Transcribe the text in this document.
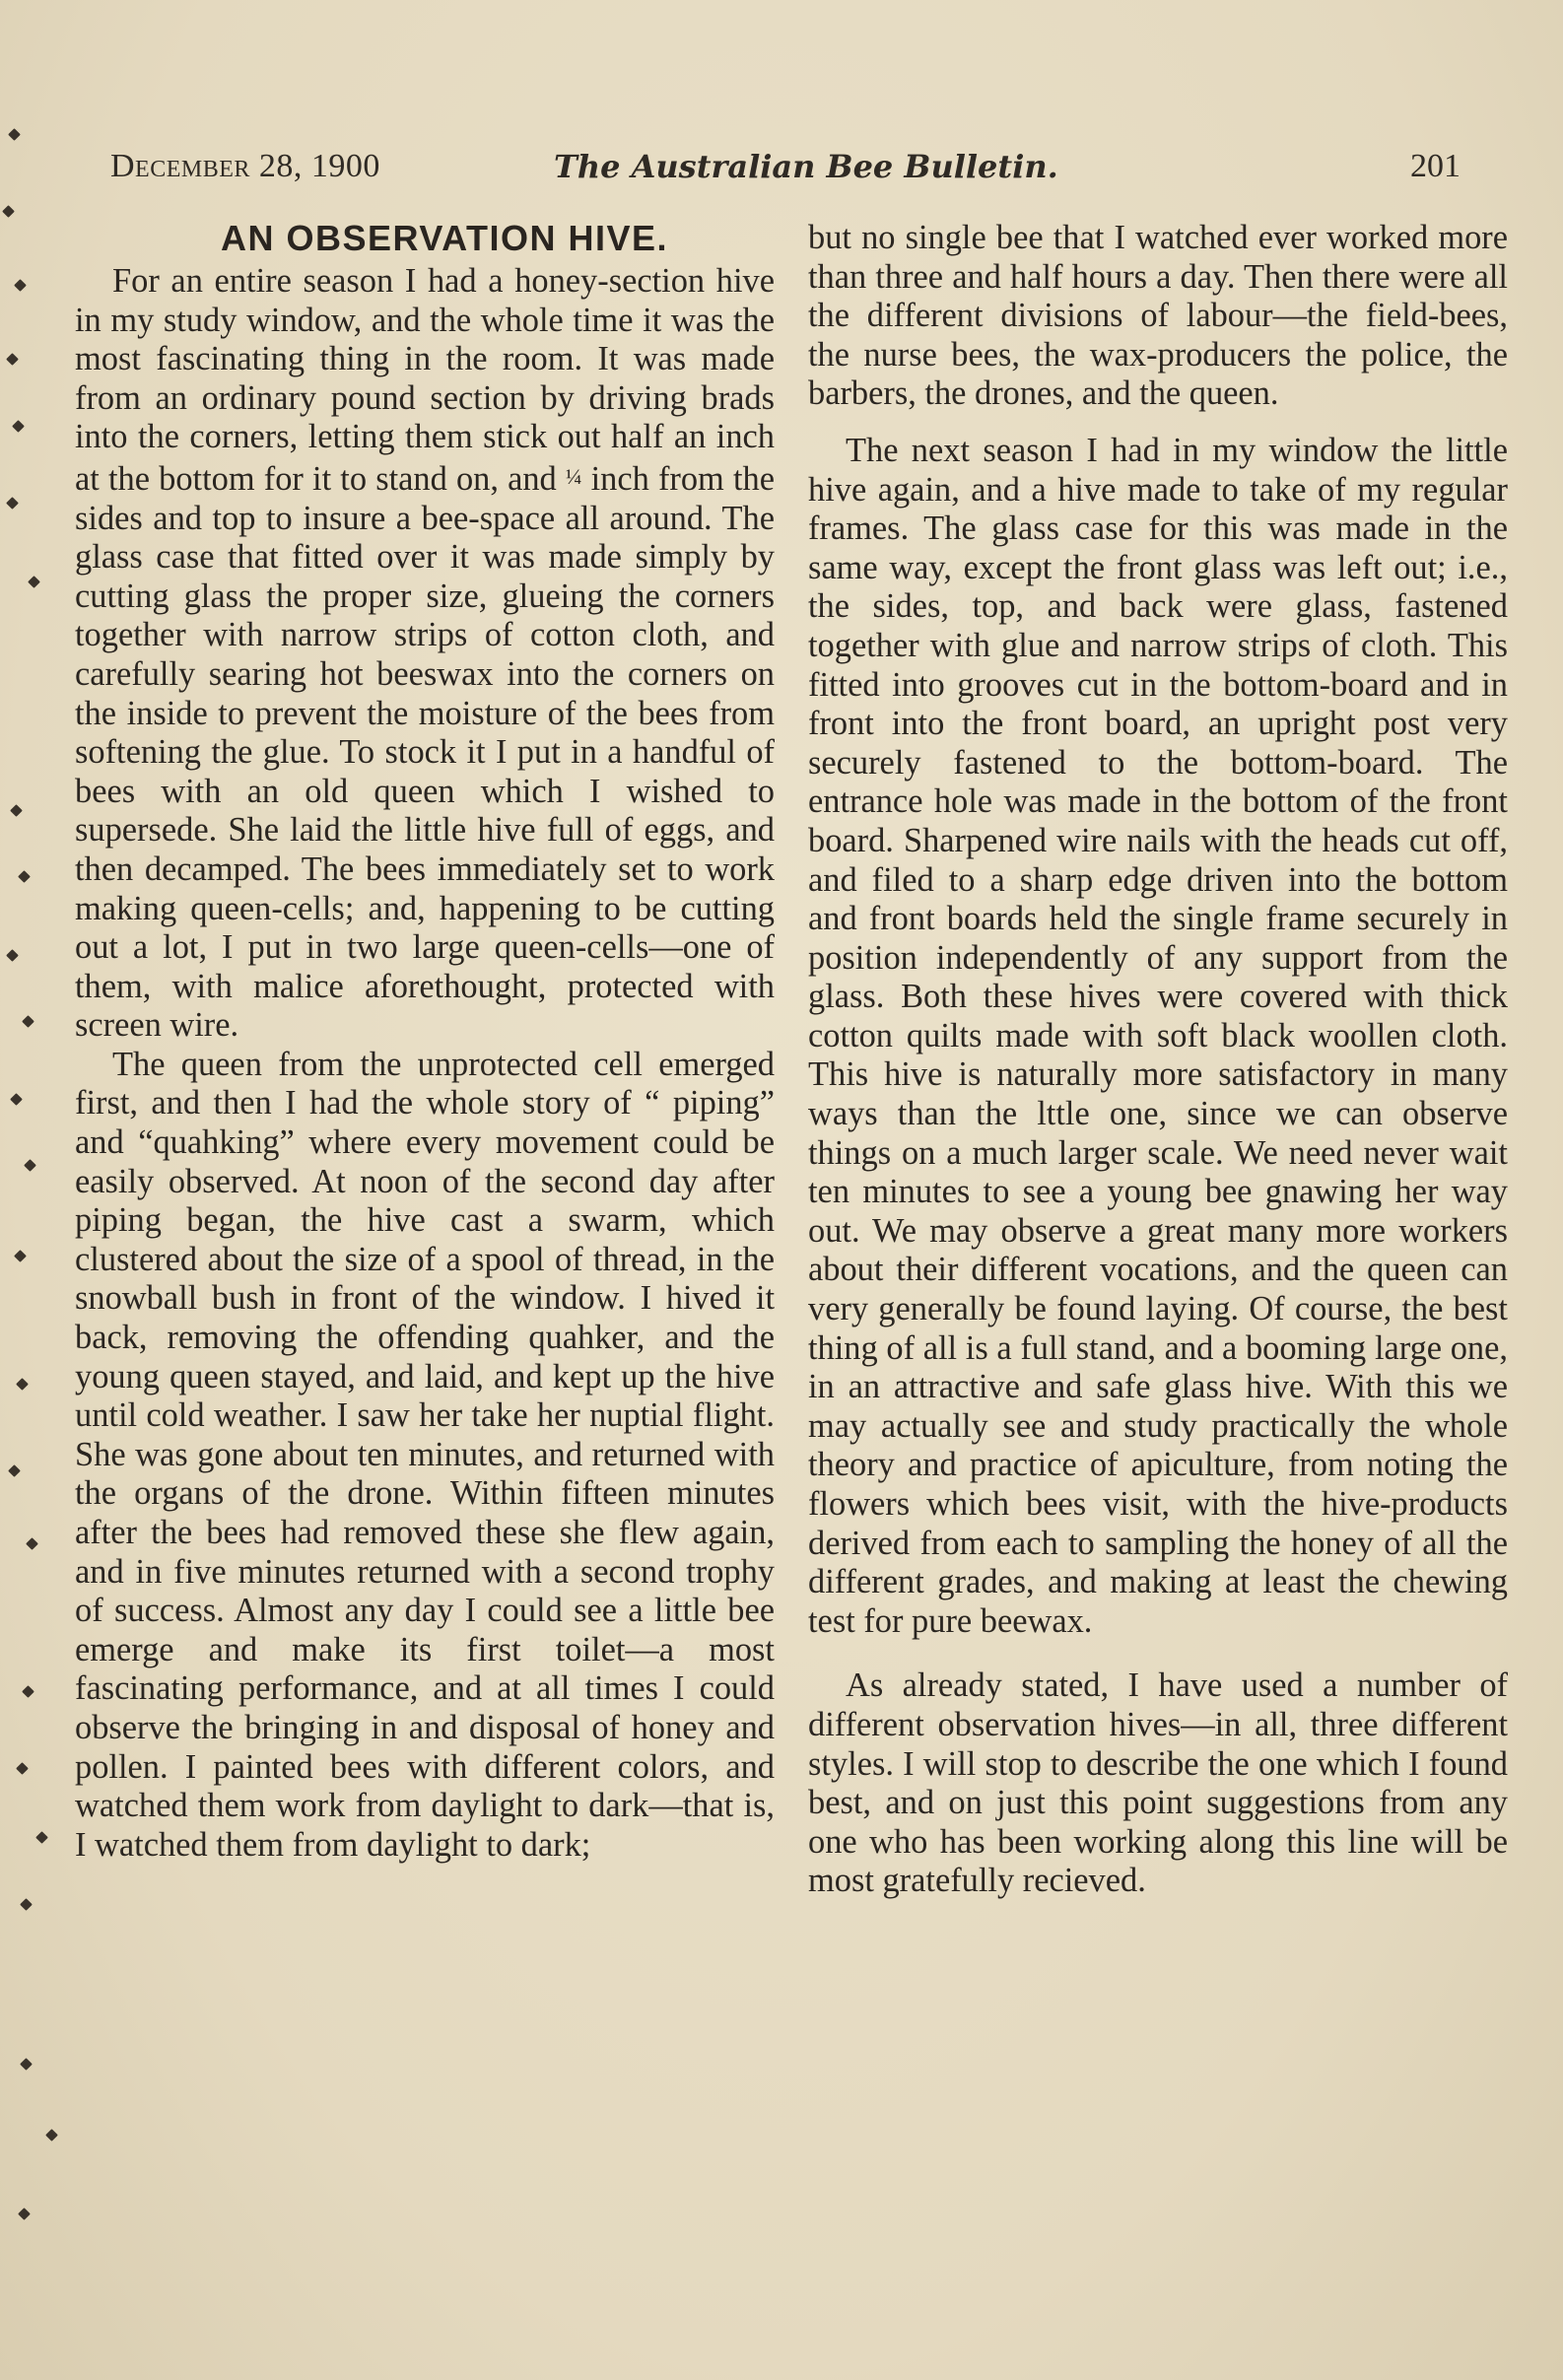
December 28, 1900	The Australian Bee Bulletin.	201
AN OBSERVATION HIVE.

For an entire season I had a honey-section hive in my study window, and the whole time it was the most fascinating thing in the room. It was made from an ordinary pound section by driving brads into the corners, letting them stick out half an inch at the bottom for it to stand on, and ¼ inch from the sides and top to insure a bee-space all around. The glass case that fitted over it was made simply by cutting glass the proper size, glueing the corners together with narrow strips of cotton cloth, and carefully searing hot beeswax into the corners on the inside to prevent the moisture of the bees from softening the glue. To stock it I put in a handful of bees with an old queen which I wished to supersede. She laid the little hive full of eggs, and then decamped. The bees immediately set to work making queen-cells; and, happening to be cutting out a lot, I put in two large queen-cells—one of them, with malice aforethought, protected with screen wire.

The queen from the unprotected cell emerged first, and then I had the whole story of “ piping” and “quahking” where every movement could be easily observed. At noon of the second day after piping began, the hive cast a swarm, which clustered about the size of a spool of thread, in the snowball bush in front of the window. I hived it back, removing the offending quahker, and the young queen stayed, and laid, and kept up the hive until cold weather. I saw her take her nuptial flight. She was gone about ten minutes, and returned with the organs of the drone. Within fifteen minutes after the bees had removed these she flew again, and in five minutes returned with a second trophy of success. Almost any day I could see a little bee emerge and make its first toilet—a most fascinating performance, and at all times I could observe the bringing in and disposal of honey and pollen. I painted bees with different colors, and watched them work from daylight to dark—that is, I watched them from daylight to dark;

but no single bee that I watched ever worked more than three and half hours a day. Then there were all the different divisions of labour—the field-bees, the nurse bees, the wax-producers the police, the barbers, the drones, and the queen.

The next season I had in my window the little hive again, and a hive made to take of my regular frames. The glass case for this was made in the same way, except the front glass was left out; i.e., the sides, top, and back were glass, fastened together with glue and narrow strips of cloth. This fitted into grooves cut in the bottom-board and in front into the front board, an upright post very securely fastened to the bottom-board. The entrance hole was made in the bottom of the front board. Sharpened wire nails with the heads cut off, and filed to a sharp edge driven into the bottom and front boards held the single frame securely in position independently of any support from the glass. Both these hives were covered with thick cotton quilts made with soft black woollen cloth. This hive is naturally more satisfactory in many ways than the lttle one, since we can observe things on a much larger scale. We need never wait ten minutes to see a young bee gnawing her way out. We may observe a great many more workers about their different vocations, and the queen can very generally be found laying. Of course, the best thing of all is a full stand, and a booming large one, in an attractive and safe glass hive. With this we may actually see and study practically the whole theory and practice of apiculture, from noting the flowers which bees visit, with the hive-products derived from each to sampling the honey of all the different grades, and making at least the chewing test for pure beewax.

As already stated, I have used a number of different observation hives—in all, three different styles. I will stop to describe the one which I found best, and on just this point suggestions from any one who has been working along this line will be most gratefully recieved.
